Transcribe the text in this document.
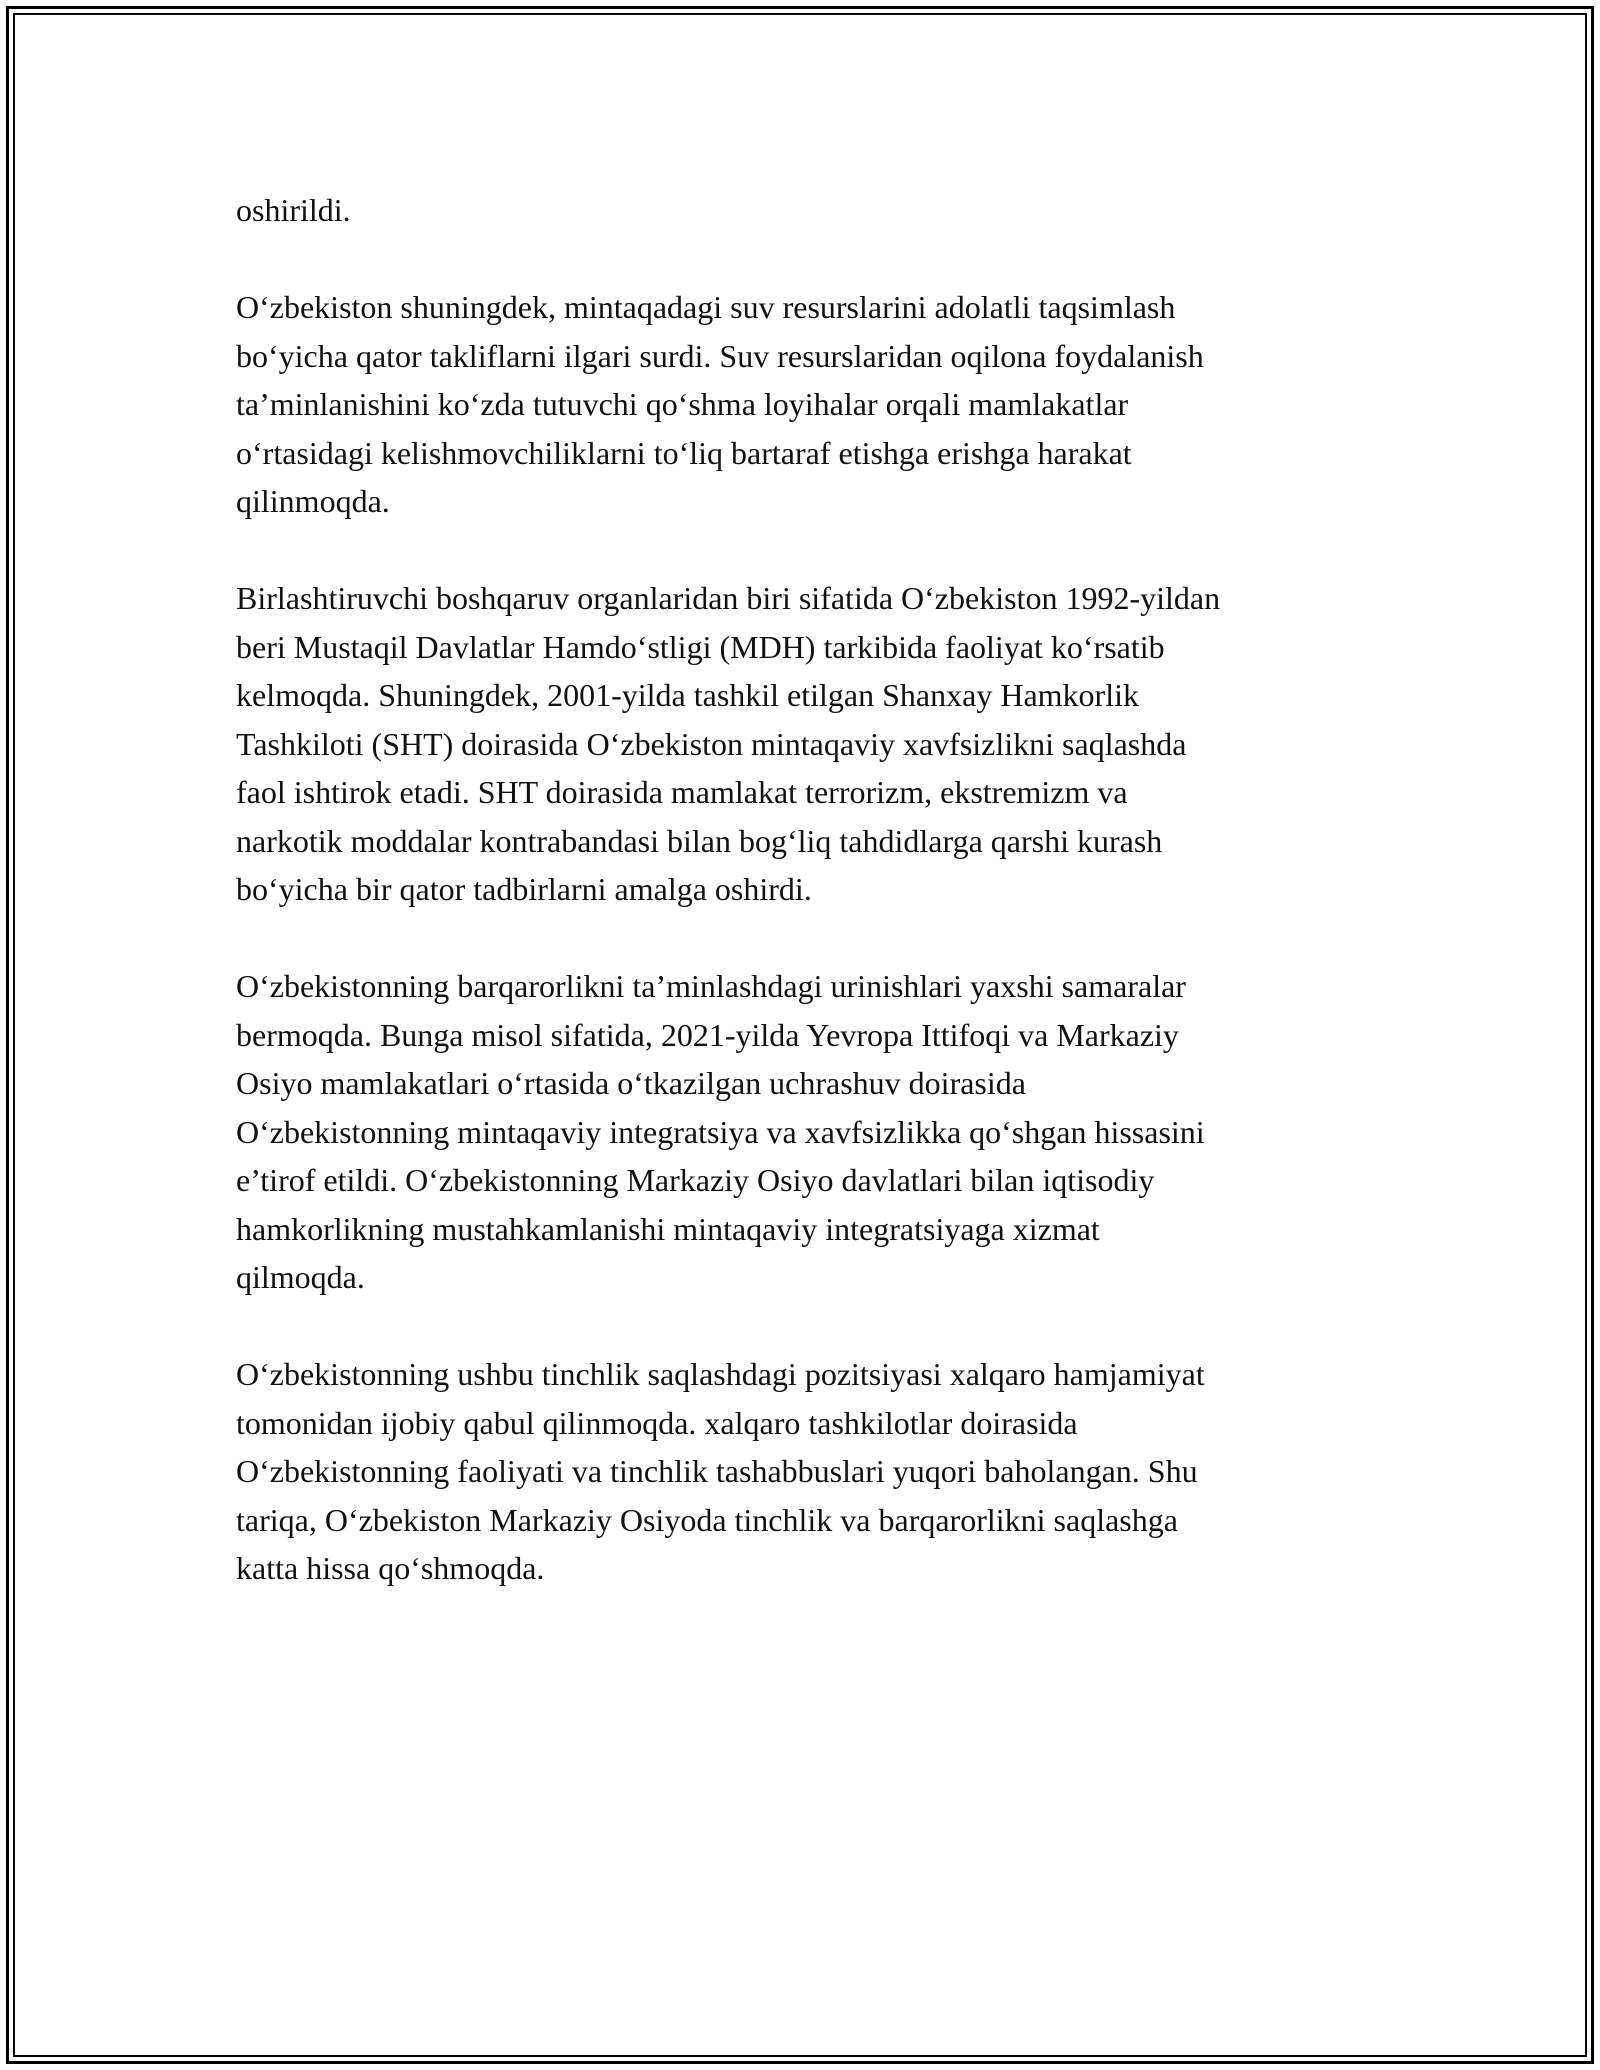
oshirildi.

O‘zbekiston shuningdek, mintaqadagi suv resurslarini adolatli taqsimlash
bo‘yicha qator takliflarni ilgari surdi. Suv resurslaridan oqilona foydalanish
ta’minlanishini ko‘zda tutuvchi qo‘shma loyihalar orqali mamlakatlar
o‘rtasidagi kelishmovchiliklarni to‘liq bartaraf etishga erishga harakat
qilinmoqda.

Birlashtiruvchi boshqaruv organlaridan biri sifatida O‘zbekiston 1992-yildan
beri Mustaqil Davlatlar Hamdo‘stligi (MDH) tarkibida faoliyat ko‘rsatib
kelmoqda. Shuningdek, 2001-yilda tashkil etilgan Shanxay Hamkorlik
Tashkiloti (SHT) doirasida O‘zbekiston mintaqaviy xavfsizlikni saqlashda
faol ishtirok etadi. SHT doirasida mamlakat terrorizm, ekstremizm va
narkotik moddalar kontrabandasi bilan bog‘liq tahdidlarga qarshi kurash
bo‘yicha bir qator tadbirlarni amalga oshirdi.

O‘zbekistonning barqarorlikni ta’minlashdagi urinishlari yaxshi samaralar
bermoqda. Bunga misol sifatida, 2021-yilda Yevropa Ittifoqi va Markaziy
Osiyo mamlakatlari o‘rtasida o‘tkazilgan uchrashuv doirasida
O‘zbekistonning mintaqaviy integratsiya va xavfsizlikka qo‘shgan hissasini
e’tirof etildi. O‘zbekistonning Markaziy Osiyo davlatlari bilan iqtisodiy
hamkorlikning mustahkamlanishi mintaqaviy integratsiyaga xizmat
qilmoqda.

O‘zbekistonning ushbu tinchlik saqlashdagi pozitsiyasi xalqaro hamjamiyat
tomonidan ijobiy qabul qilinmoqda. xalqaro tashkilotlar doirasida
O‘zbekistonning faoliyati va tinchlik tashabbuslari yuqori baholangan. Shu
tariqa, O‘zbekiston Markaziy Osiyoda tinchlik va barqarorlikni saqlashga
katta hissa qo‘shmoqda.
